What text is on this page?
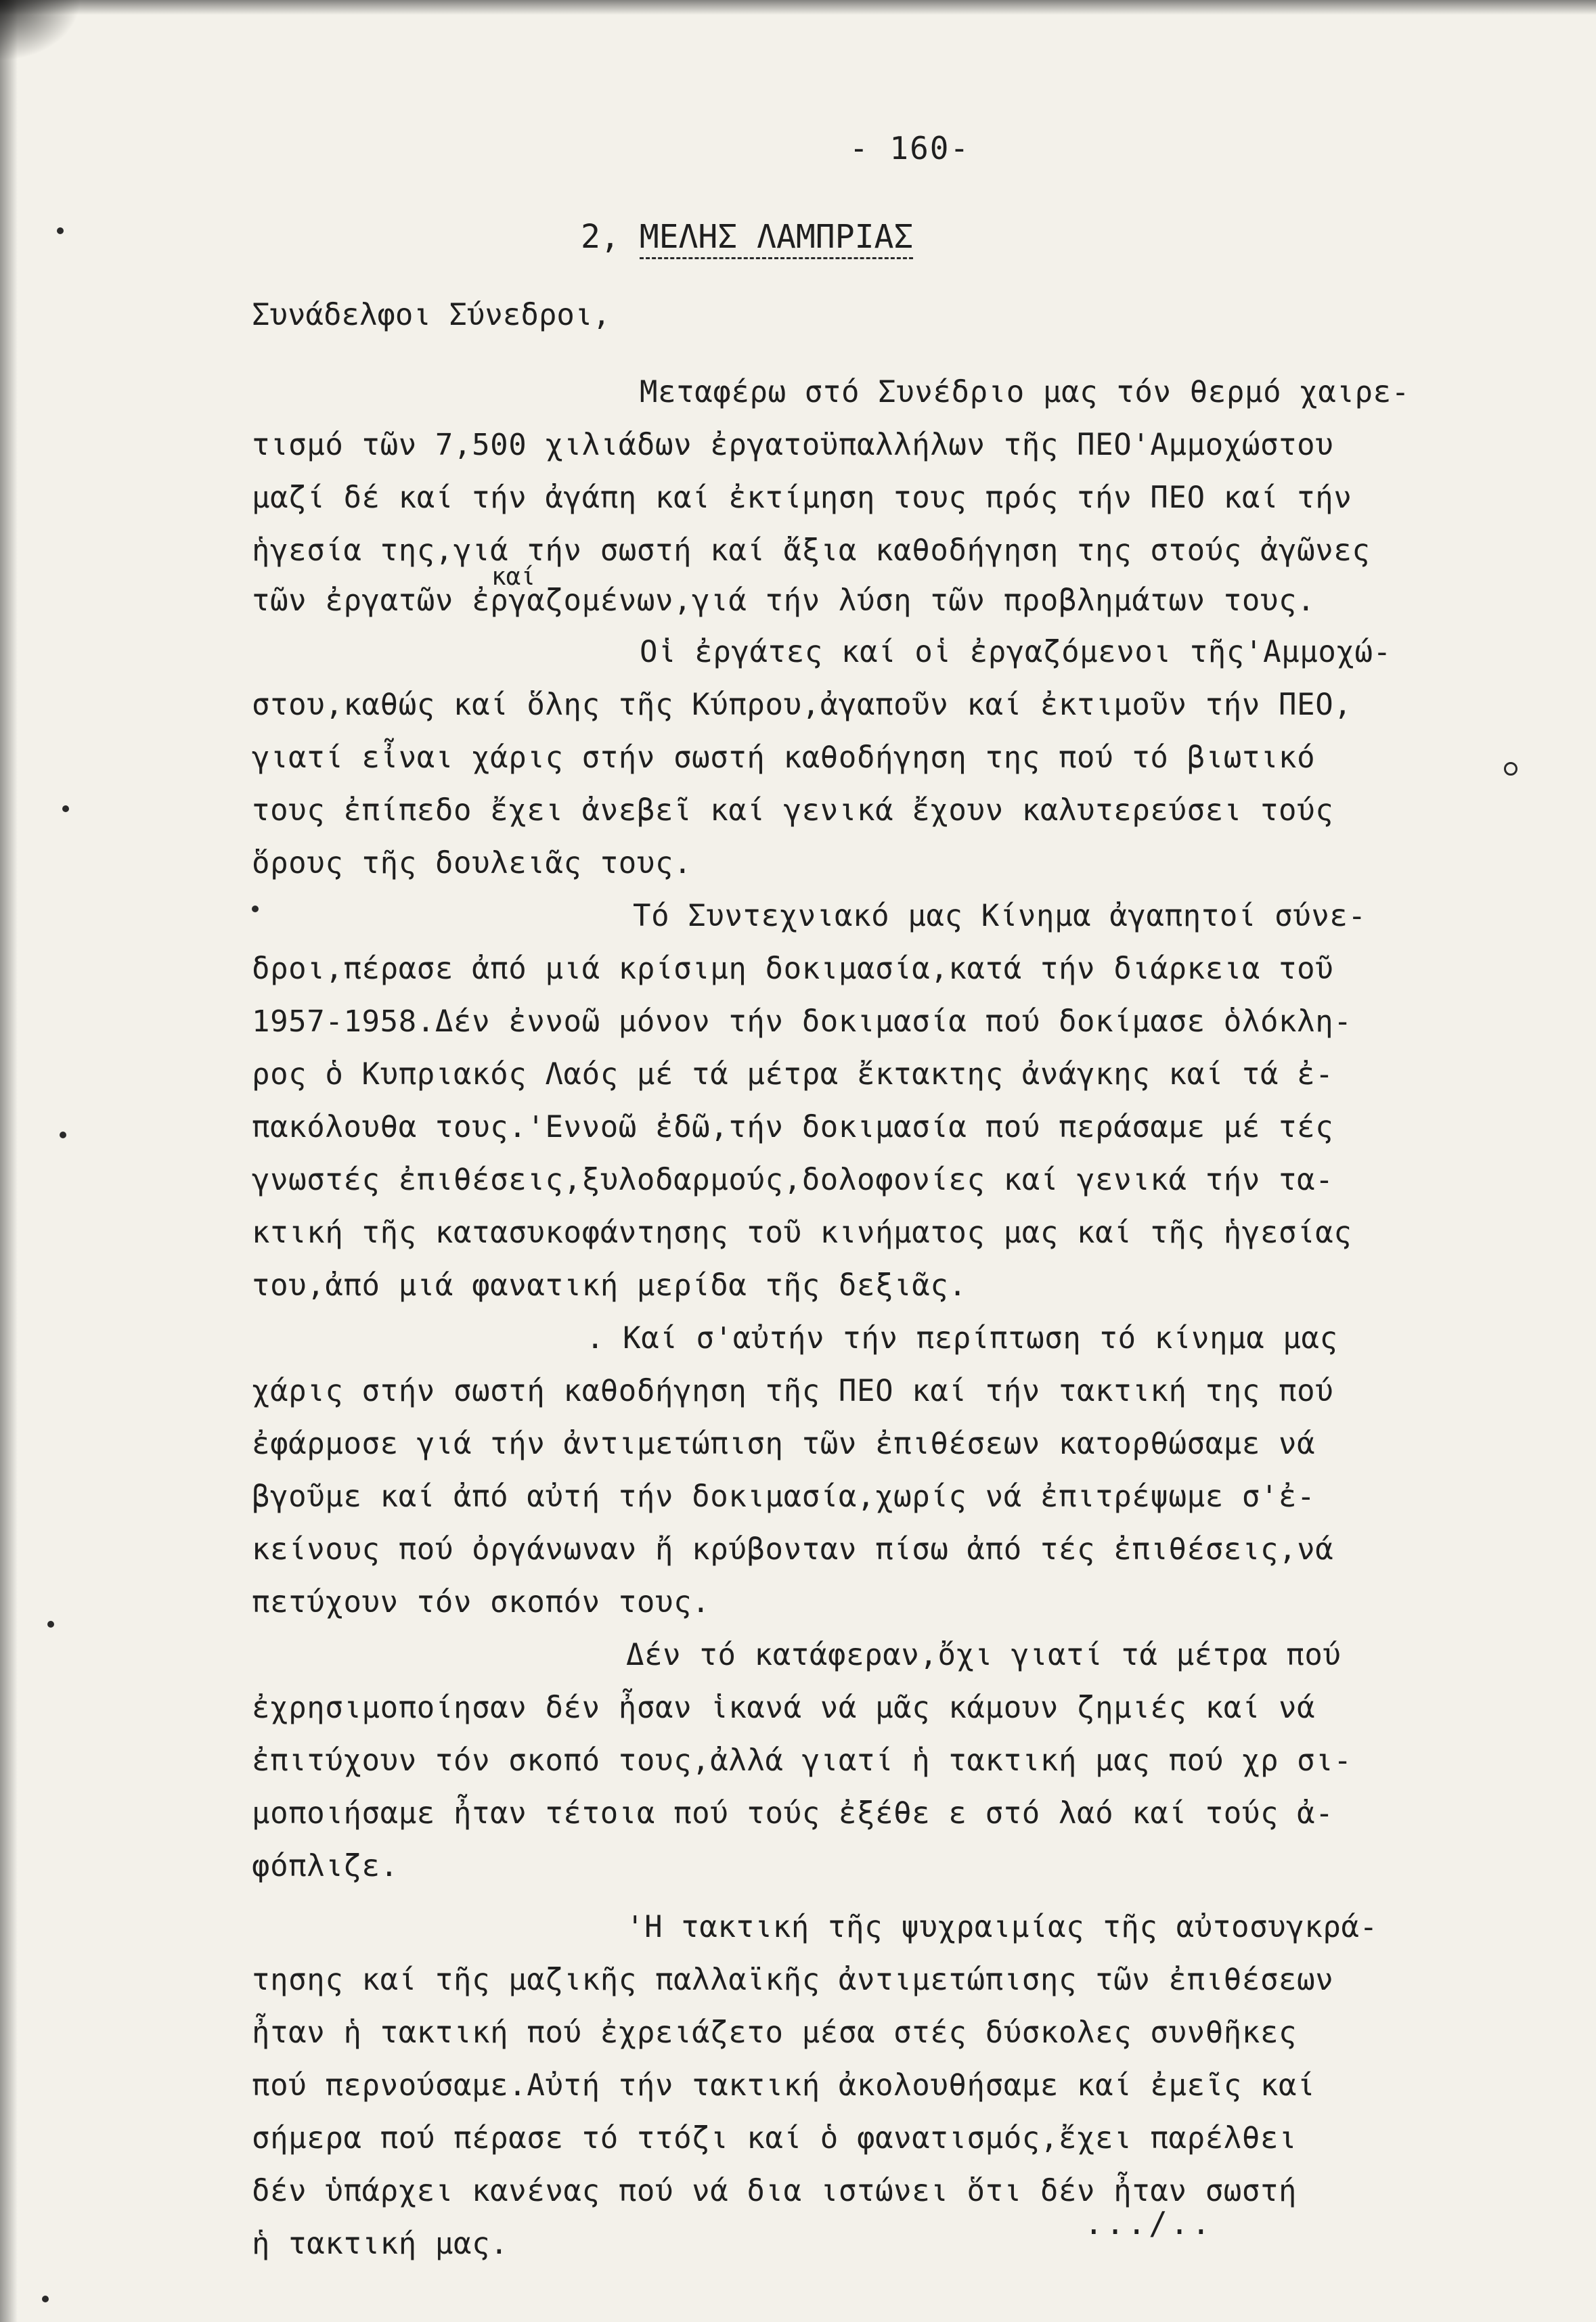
- 160-
2, ΜΕΛΗΣ ΛΑΜΠΡΙΑΣ
Συνάδελφοι Σύνεδροι,
Μεταφέρω στό Συνέδριο μας τόν θερμό χαιρε-
τισμό τῶν 7,500 χιλιάδων ἐργατοϋπαλλήλων τῆς ΠΕΟ'Αμμοχώστου
μαζί δέ καί τήν ἀγάπη καί ἐκτίμηση τους πρός τήν ΠΕΟ καί τήν
ἡγεσία της,γιά τήν σωστή καί ἄξια καθοδήγηση της στούς ἀγῶνες
καί
τῶν ἐργατῶν ἐργαζομένων,γιά τήν λύση τῶν προβλημάτων τους.
Οἱ ἐργάτες καί οἱ ἐργαζόμενοι τῆς'Αμμοχώ-
στου,καθώς καί ὅλης τῆς Κύπρου,ἀγαποῦν καί ἐκτιμοῦν τήν ΠΕΟ,
γιατί εἶναι χάρις στήν σωστή καθοδήγηση της πού τό βιωτικό
τους ἐπίπεδο ἔχει ἀνεβεῖ καί γενικά ἔχουν καλυτερεύσει τούς
ὅρους τῆς δουλειᾶς τους.
Τό Συντεχνιακό μας Κίνημα ἀγαπητοί σύνε-
δροι,πέρασε ἀπό μιά κρίσιμη δοκιμασία,κατά τήν διάρκεια τοῦ
1957-1958.Δέν ἐννοῶ μόνον τήν δοκιμασία πού δοκίμασε ὁλόκλη-
ρος ὁ Κυπριακός Λαός μέ τά μέτρα ἔκτακτης ἀνάγκης καί τά ἐ-
πακόλουθα τους.'Εννοῶ ἐδῶ,τήν δοκιμασία πού περάσαμε μέ τές
γνωστές ἐπιθέσεις,ξυλοδαρμούς,δολοφονίες καί γενικά τήν τα-
κτική τῆς κατασυκοφάντησης τοῦ κινήματος μας καί τῆς ἡγεσίας
του,ἀπό μιά φανατική μερίδα τῆς δεξιᾶς.
. Καί σ'αὐτήν τήν περίπτωση τό κίνημα μας
χάρις στήν σωστή καθοδήγηση τῆς ΠΕΟ καί τήν τακτική της πού
ἐφάρμοσε γιά τήν ἀντιμετώπιση τῶν ἐπιθέσεων κατορθώσαμε νά
βγοῦμε καί ἀπό αὐτή τήν δοκιμασία,χωρίς νά ἐπιτρέψωμε σ'ἐ-
κείνους πού ὀργάνωναν ἤ κρύβονταν πίσω ἀπό τές ἐπιθέσεις,νά
πετύχουν τόν σκοπόν τους.
Δέν τό κατάφεραν,ὄχι γιατί τά μέτρα πού
ἐχρησιμοποίησαν δέν ἦσαν ἱκανά νά μᾶς κάμουν ζημιές καί νά
ἐπιτύχουν τόν σκοπό τους,ἀλλά γιατί ἡ τακτική μας πού χρ σι-
μοποιήσαμε ἦταν τέτοια πού τούς ἐξέθε ε στό λαό καί τούς ἀ-
φόπλιζε.
'Η τακτική τῆς ψυχραιμίας τῆς αὐτοσυγκρά-
τησης καί τῆς μαζικῆς παλλαϊκῆς ἀντιμετώπισης τῶν ἐπιθέσεων
ἦταν ἡ τακτική πού ἐχρειάζετο μέσα στές δύσκολες συνθῆκες
πού περνούσαμε.Αὐτή τήν τακτική ἀκολουθήσαμε καί ἐμεῖς καί
σήμερα πού πέρασε τό ττόζι καί ὁ φανατισμός,ἔχει παρέλθει
δέν ὑπάρχει κανένας πού νά δια ιστώνει ὅτι δέν ἦταν σωστή
ἡ τακτική μας.
.../..
